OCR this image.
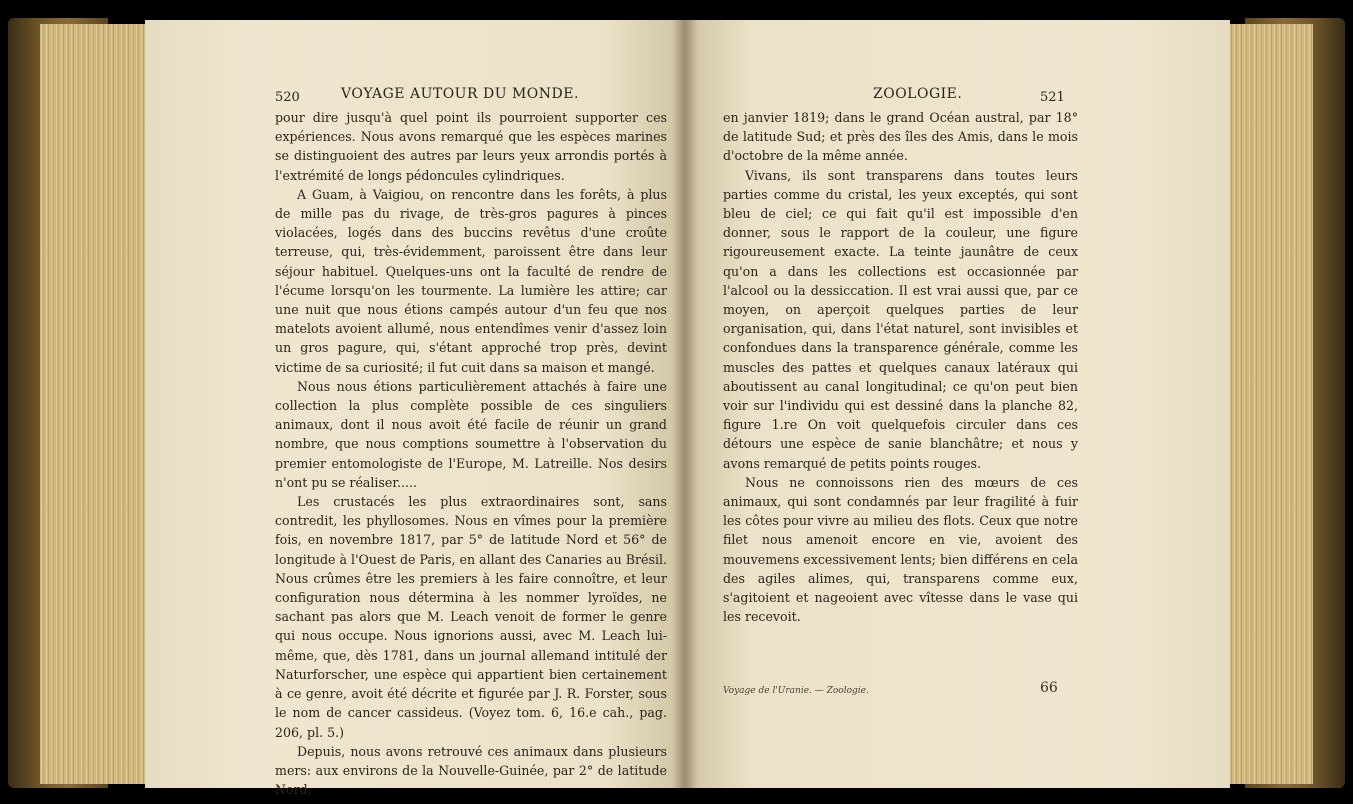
520	VOYAGE AUTOUR DU MONDE.

pour dire jusqu'à quel point ils pourroient supporter ces expériences. Nous avons remarqué que les espèces marines se distinguoient des autres par leurs yeux arrondis portés à l'extrémité de longs pédoncules cylindriques.

A Guam, à Vaigiou, on rencontre dans les forêts, à plus de mille pas du rivage, de très-gros pagures à pinces violacées, logés dans des buccins revêtus d'une croûte terreuse, qui, très-évidemment, paroissent être dans leur séjour habituel. Quelques-uns ont la faculté de rendre de l'écume lorsqu'on les tourmente. La lumière les attire; car une nuit que nous étions campés autour d'un feu que nos matelots avoient allumé, nous entendîmes venir d'assez loin un gros pagure, qui, s'étant approché trop près, devint victime de sa curiosité; il fut cuit dans sa maison et mangé.

Nous nous étions particulièrement attachés à faire une collection la plus complète possible de ces singuliers animaux, dont il nous avoit été facile de réunir un grand nombre, que nous comptions soumettre à l'observation du premier entomologiste de l'Europe, M. Latreille. Nos desirs n'ont pu se réaliser.....

Les crustacés les plus extraordinaires sont, sans contredit, les phyllosomes. Nous en vîmes pour la première fois, en novembre 1817, par 5° de latitude Nord et 56° de longitude à l'Ouest de Paris, en allant des Canaries au Brésil. Nous crûmes être les premiers à les faire connoître, et leur configuration nous détermina à les nommer lyroïdes, ne sachant pas alors que M. Leach venoit de former le genre qui nous occupe. Nous ignorions aussi, avec M. Leach lui-même, que, dès 1781, dans un journal allemand intitulé der Naturforscher, une espèce qui appartient bien certainement à ce genre, avoit été décrite et figurée par J. R. Forster, sous le nom de cancer cassideus. (Voyez tom. 6, 16.e cah., pag. 206, pl. 5.)

Depuis, nous avons retrouvé ces animaux dans plusieurs mers: aux environs de la Nouvelle-Guinée, par 2° de latitude Nord,

ZOOLOGIE.	521

en janvier 1819; dans le grand Océan austral, par 18° de latitude Sud; et près des îles des Amis, dans le mois d'octobre de la même année.

Vivans, ils sont transparens dans toutes leurs parties comme du cristal, les yeux exceptés, qui sont bleu de ciel; ce qui fait qu'il est impossible d'en donner, sous le rapport de la couleur, une figure rigoureusement exacte. La teinte jaunâtre de ceux qu'on a dans les collections est occasionnée par l'alcool ou la dessiccation. Il est vrai aussi que, par ce moyen, on aperçoit quelques parties de leur organisation, qui, dans l'état naturel, sont invisibles et confondues dans la transparence générale, comme les muscles des pattes et quelques canaux latéraux qui aboutissent au canal longitudinal; ce qu'on peut bien voir sur l'individu qui est dessiné dans la planche 82, figure 1.re On voit quelquefois circuler dans ces détours une espèce de sanie blanchâtre; et nous y avons remarqué de petits points rouges.

Nous ne connoissons rien des mœurs de ces animaux, qui sont condamnés par leur fragilité à fuir les côtes pour vivre au milieu des flots. Ceux que notre filet nous amenoit encore en vie, avoient des mouvemens excessivement lents; bien différens en cela des agiles alimes, qui, transparens comme eux, s'agitoient et nageoient avec vîtesse dans le vase qui les recevoit.

Voyage de l'Uranie. — Zoologie.	66
